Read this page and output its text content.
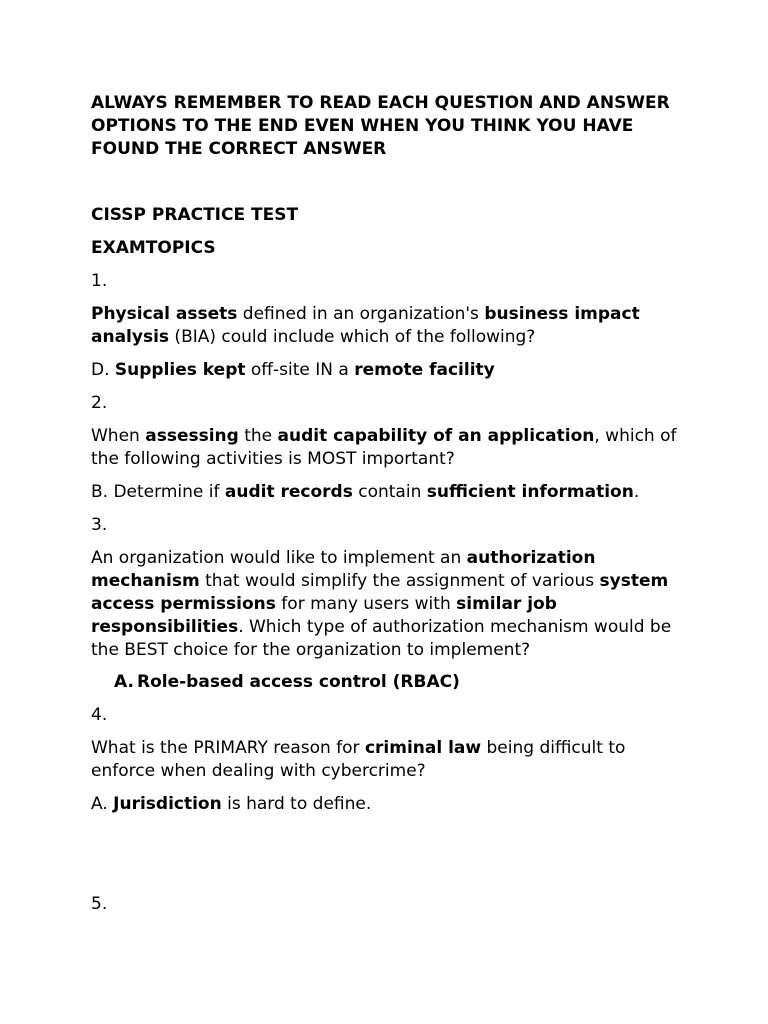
ALWAYS REMEMBER TO READ EACH QUESTION AND ANSWER OPTIONS TO THE END EVEN WHEN YOU THINK YOU HAVE FOUND THE CORRECT ANSWER

CISSP PRACTICE TEST

EXAMTOPICS

1.

Physical assets defined in an organization's business impact analysis (BIA) could include which of the following?

D. Supplies kept off-site IN a remote facility

2.

When assessing the audit capability of an application, which of the following activities is MOST important?

B. Determine if audit records contain sufficient information.

3.

An organization would like to implement an authorization mechanism that would simplify the assignment of various system access permissions for many users with similar job responsibilities. Which type of authorization mechanism would be the BEST choice for the organization to implement?

A. Role-based access control (RBAC)

4.

What is the PRIMARY reason for criminal law being difficult to enforce when dealing with cybercrime?

A. Jurisdiction is hard to define.

5.
